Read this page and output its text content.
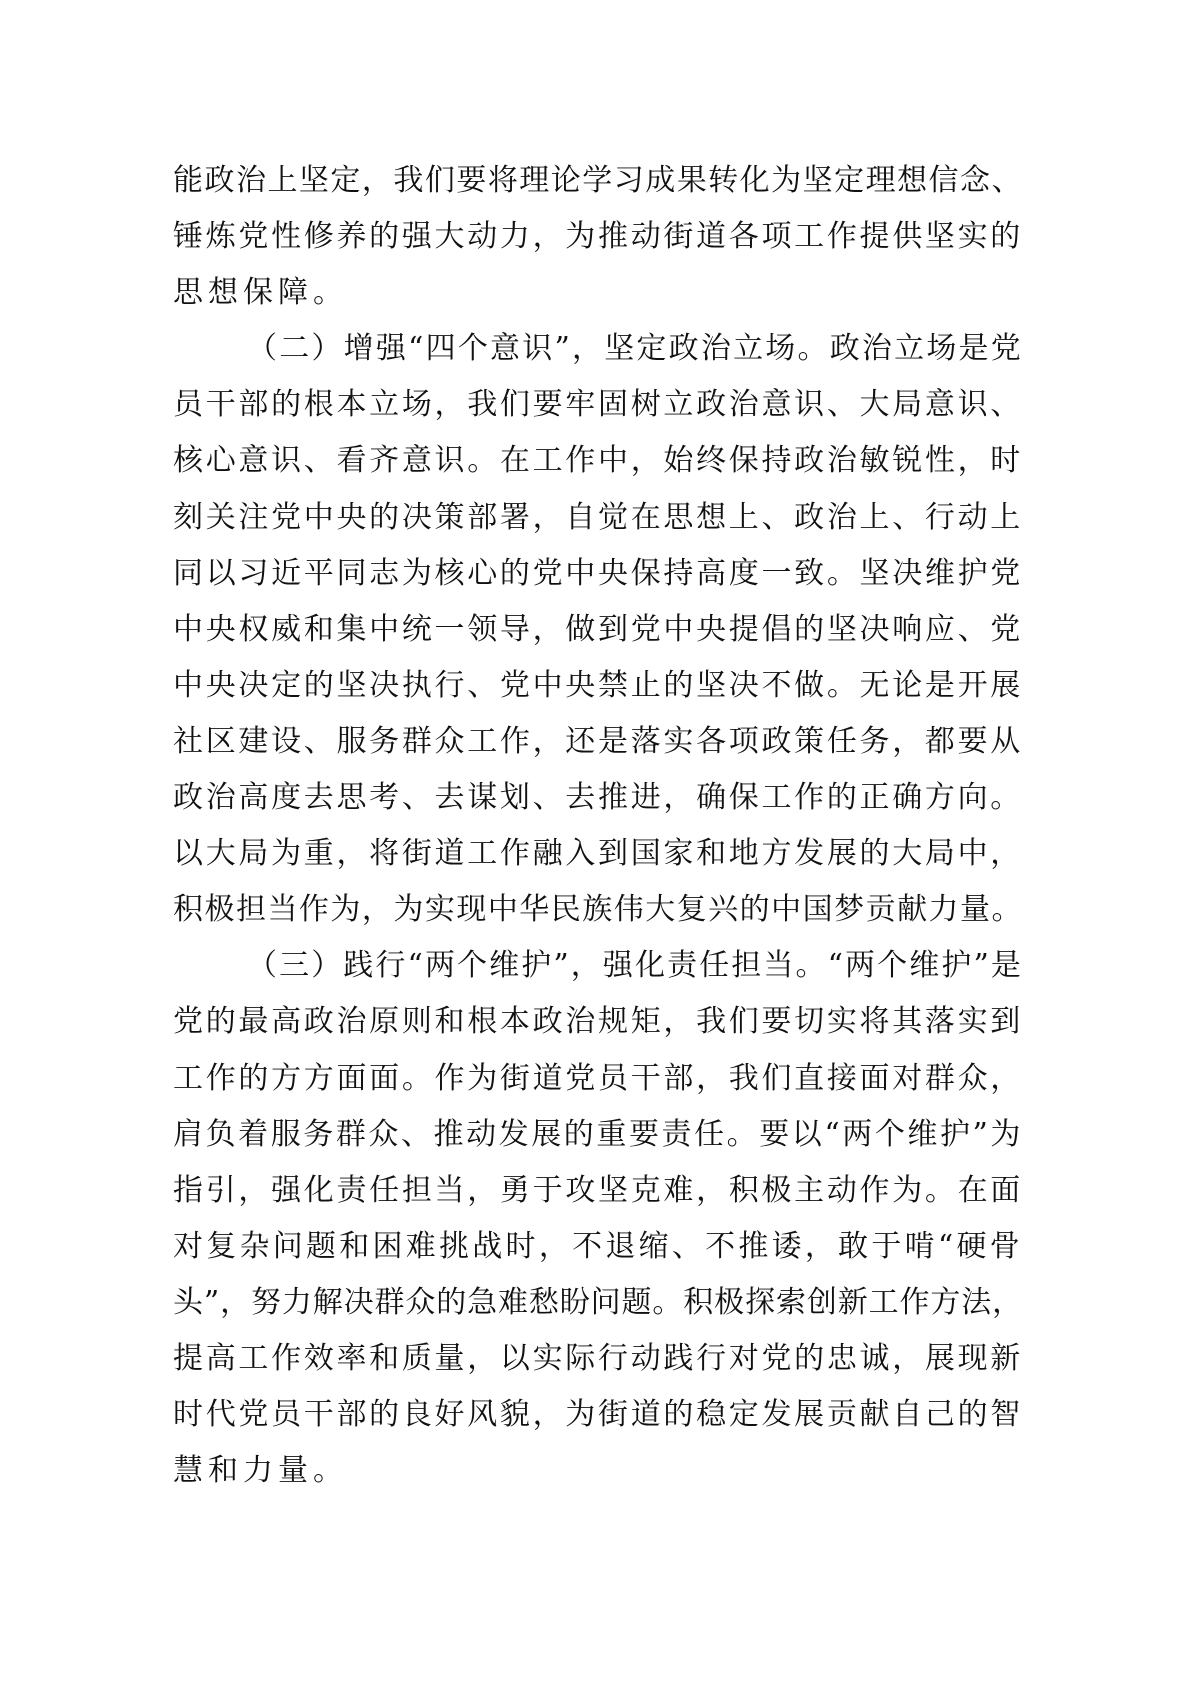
能政治上坚定，我们要将理论学习成果转化为坚定理想信念、
锤炼党性修养的强大动力，为推动街道各项工作提供坚实的
思想保障。
（二）增强“四个意识”，坚定政治立场。政治立场是党
员干部的根本立场，我们要牢固树立政治意识、大局意识、
核心意识、看齐意识。在工作中，始终保持政治敏锐性，时
刻关注党中央的决策部署，自觉在思想上、政治上、行动上
同以习近平同志为核心的党中央保持高度一致。坚决维护党
中央权威和集中统一领导，做到党中央提倡的坚决响应、党
中央决定的坚决执行、党中央禁止的坚决不做。无论是开展
社区建设、服务群众工作，还是落实各项政策任务，都要从
政治高度去思考、去谋划、去推进，确保工作的正确方向。
以大局为重，将街道工作融入到国家和地方发展的大局中，
积极担当作为，为实现中华民族伟大复兴的中国梦贡献力量。
（三）践行“两个维护”，强化责任担当。“两个维护”是
党的最高政治原则和根本政治规矩，我们要切实将其落实到
工作的方方面面。作为街道党员干部，我们直接面对群众，
肩负着服务群众、推动发展的重要责任。要以“两个维护”为
指引，强化责任担当，勇于攻坚克难，积极主动作为。在面
对复杂问题和困难挑战时，不退缩、不推诿，敢于啃“硬骨
头”，努力解决群众的急难愁盼问题。积极探索创新工作方法，
提高工作效率和质量，以实际行动践行对党的忠诚，展现新
时代党员干部的良好风貌，为街道的稳定发展贡献自己的智
慧和力量。
